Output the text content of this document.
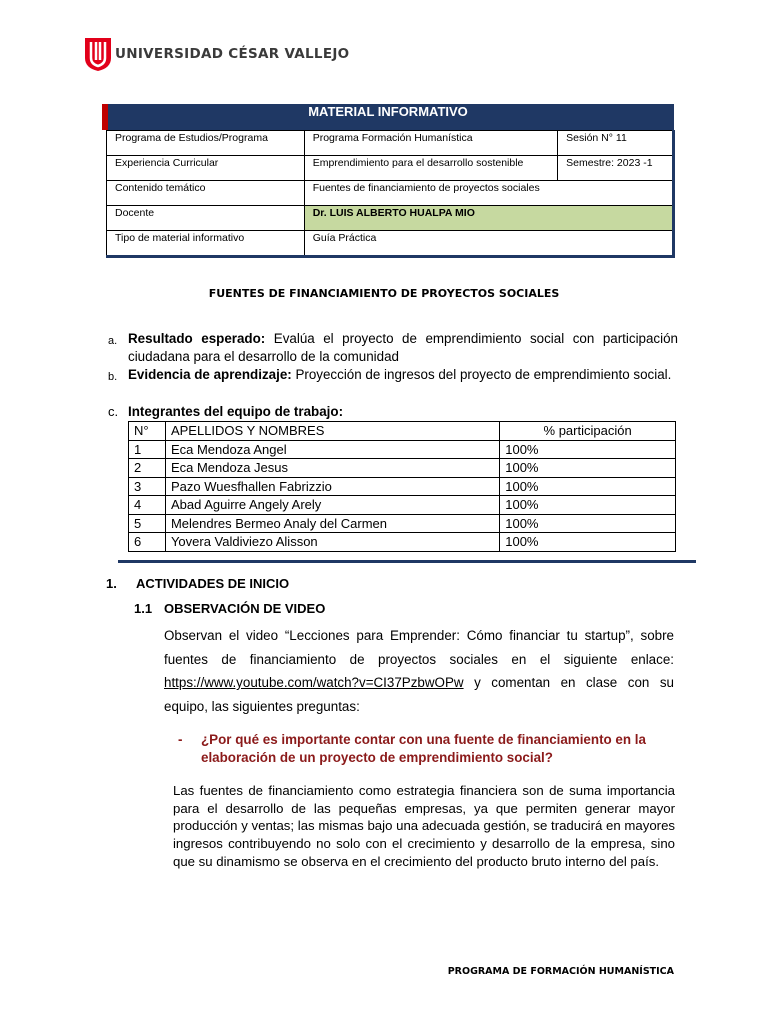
UNIVERSIDAD CÉSAR VALLEJO
MATERIAL INFORMATIVO
Programa de Estudios/Programa	Programa Formación Humanística	Sesión N° 11
Experiencia Curricular	Emprendimiento para el desarrollo sostenible	Semestre: 2023 -1
Contenido temático	Fuentes de financiamiento de proyectos sociales	
Docente	Dr. LUIS ALBERTO HUALPA MIO	
Tipo de material informativo	Guía Práctica	
FUENTES DE FINANCIAMIENTO DE PROYECTOS SOCIALES
a. Resultado esperado: Evalúa el proyecto de emprendimiento social con participación ciudadana para el desarrollo de la comunidad
b. Evidencia de aprendizaje: Proyección de ingresos del proyecto de emprendimiento social.
c. Integrantes del equipo de trabajo:
N°	APELLIDOS Y NOMBRES	% participación
1	Eca Mendoza Angel	100%
2	Eca Mendoza Jesus	100%
3	Pazo Wuesfhallen Fabrizzio	100%
4	Abad Aguirre Angely Arely	100%
5	Melendres Bermeo Analy del Carmen	100%
6	Yovera Valdiviezo Alisson	100%
1. ACTIVIDADES DE INICIO
1.1 OBSERVACIÓN DE VIDEO
Observan el video “Lecciones para Emprender: Cómo financiar tu startup”, sobre fuentes de financiamiento de proyectos sociales en el siguiente enlace: https://www.youtube.com/watch?v=CI37PzbwOPw y comentan en clase con su equipo, las siguientes preguntas:
- ¿Por qué es importante contar con una fuente de financiamiento en la elaboración de un proyecto de emprendimiento social?
Las fuentes de financiamiento como estrategia financiera son de suma importancia para el desarrollo de las pequeñas empresas, ya que permiten generar mayor producción y ventas; las mismas bajo una adecuada gestión, se traducirá en mayores ingresos contribuyendo no solo con el crecimiento y desarrollo de la empresa, sino que su dinamismo se observa en el crecimiento del producto bruto interno del país.
PROGRAMA DE FORMACIÓN HUMANÍSTICA
